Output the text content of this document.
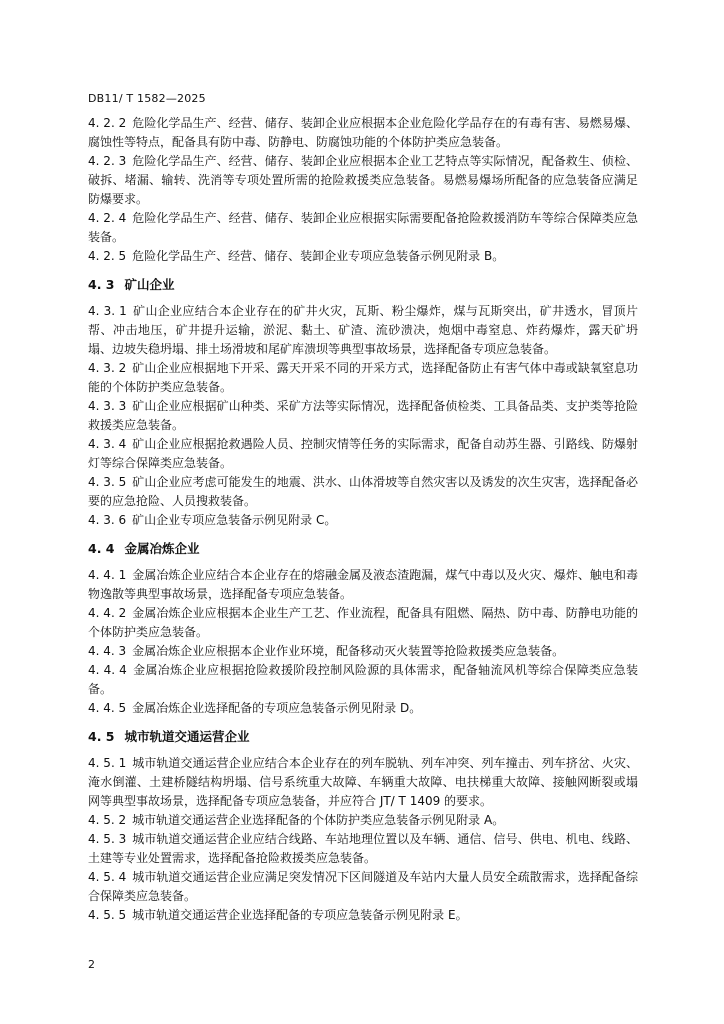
DB11/ T 1582—2025
4. 2. 2 危险化学品生产、经营、储存、装卸企业应根据本企业危险化学品存在的有毒有害、易燃易爆、腐蚀性等特点，配备具有防中毒、防静电、防腐蚀功能的个体防护类应急装备。
4. 2. 3 危险化学品生产、经营、储存、装卸企业应根据本企业工艺特点等实际情况，配备救生、侦检、破拆、堵漏、输转、洗消等专项处置所需的抢险救援类应急装备。易燃易爆场所配备的应急装备应满足防爆要求。
4. 2. 4 危险化学品生产、经营、储存、装卸企业应根据实际需要配备抢险救援消防车等综合保障类应急装备。
4. 2. 5 危险化学品生产、经营、储存、装卸企业专项应急装备示例见附录 B。
4. 3 矿山企业
4. 3. 1 矿山企业应结合本企业存在的矿井火灾，瓦斯、粉尘爆炸，煤与瓦斯突出，矿井透水，冒顶片帮、冲击地压，矿井提升运输，淤泥、黏土、矿渣、流砂溃决，炮烟中毒窒息、炸药爆炸，露天矿坍塌、边坡失稳坍塌、排土场滑坡和尾矿库溃坝等典型事故场景，选择配备专项应急装备。
4. 3. 2 矿山企业应根据地下开采、露天开采不同的开采方式，选择配备防止有害气体中毒或缺氧窒息功能的个体防护类应急装备。
4. 3. 3 矿山企业应根据矿山种类、采矿方法等实际情况，选择配备侦检类、工具备品类、支护类等抢险救援类应急装备。
4. 3. 4 矿山企业应根据抢救遇险人员、控制灾情等任务的实际需求，配备自动苏生器、引路线、防爆射灯等综合保障类应急装备。
4. 3. 5 矿山企业应考虑可能发生的地震、洪水、山体滑坡等自然灾害以及诱发的次生灾害，选择配备必要的应急抢险、人员搜救装备。
4. 3. 6 矿山企业专项应急装备示例见附录 C。
4. 4 金属冶炼企业
4. 4. 1 金属冶炼企业应结合本企业存在的熔融金属及液态渣跑漏，煤气中毒以及火灾、爆炸、触电和毒物逸散等典型事故场景，选择配备专项应急装备。
4. 4. 2 金属冶炼企业应根据本企业生产工艺、作业流程，配备具有阻燃、隔热、防中毒、防静电功能的个体防护类应急装备。
4. 4. 3 金属冶炼企业应根据本企业作业环境，配备移动灭火装置等抢险救援类应急装备。
4. 4. 4 金属冶炼企业应根据抢险救援阶段控制风险源的具体需求，配备轴流风机等综合保障类应急装备。
4. 4. 5 金属冶炼企业选择配备的专项应急装备示例见附录 D。
4. 5 城市轨道交通运营企业
4. 5. 1 城市轨道交通运营企业应结合本企业存在的列车脱轨、列车冲突、列车撞击、列车挤岔、火灾、淹水倒灌、土建桥隧结构坍塌、信号系统重大故障、车辆重大故障、电扶梯重大故障、接触网断裂或塌网等典型事故场景，选择配备专项应急装备，并应符合 JT/ T 1409 的要求。
4. 5. 2 城市轨道交通运营企业选择配备的个体防护类应急装备示例见附录 A。
4. 5. 3 城市轨道交通运营企业应结合线路、车站地理位置以及车辆、通信、信号、供电、机电、线路、土建等专业处置需求，选择配备抢险救援类应急装备。
4. 5. 4 城市轨道交通运营企业应满足突发情况下区间隧道及车站内大量人员安全疏散需求，选择配备综合保障类应急装备。
4. 5. 5 城市轨道交通运营企业选择配备的专项应急装备示例见附录 E。
2
